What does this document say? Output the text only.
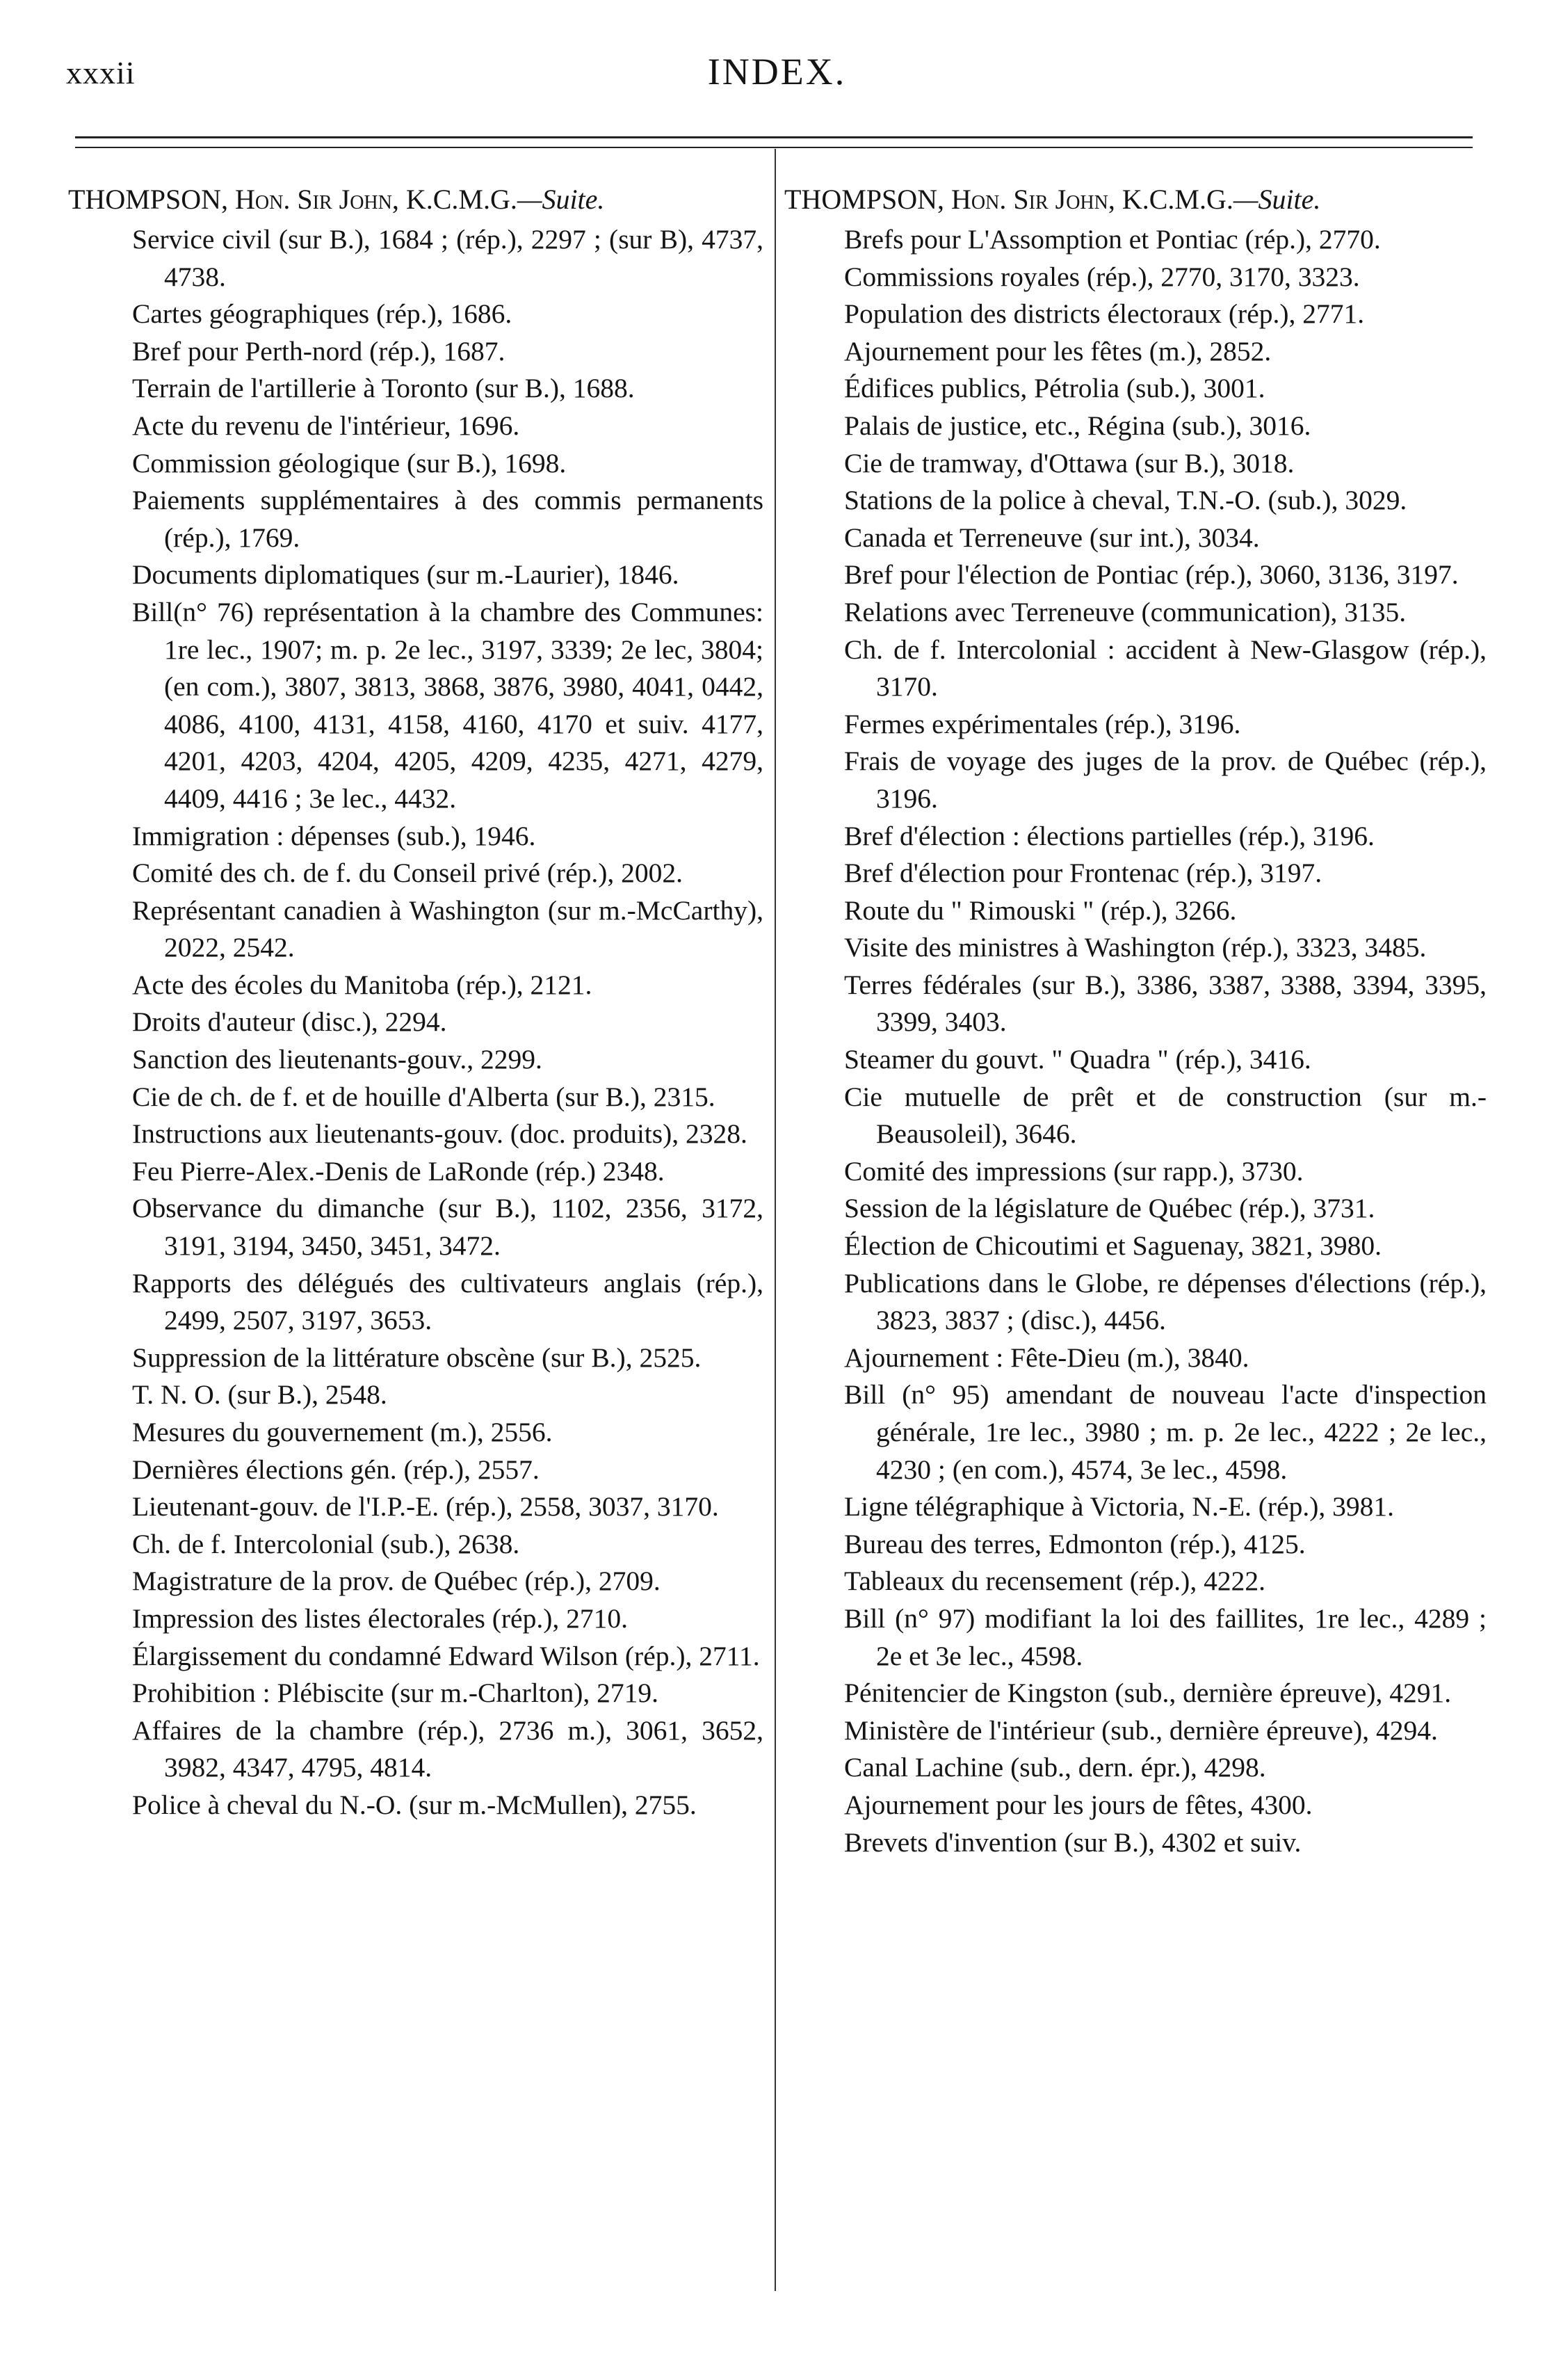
xxxii	INDEX.

THOMPSON, Hon. Sir John, K.C.M.G.—Suite.

Service civil (sur B.), 1684 ; (rép.), 2297 ; (sur B), 4737, 4738.

Cartes géographiques (rép.), 1686.

Bref pour Perth-nord (rép.), 1687.

Terrain de l'artillerie à Toronto (sur B.), 1688.

Acte du revenu de l'intérieur, 1696.

Commission géologique (sur B.), 1698.

Paiements supplémentaires à des commis permanents (rép.), 1769.

Documents diplomatiques (sur m.-Laurier), 1846.

Bill(n° 76) représentation à la chambre des Communes: 1re lec., 1907; m. p. 2e lec., 3197, 3339; 2e lec, 3804; (en com.), 3807, 3813, 3868, 3876, 3980, 4041, 0442, 4086, 4100, 4131, 4158, 4160, 4170 et suiv. 4177, 4201, 4203, 4204, 4205, 4209, 4235, 4271, 4279, 4409, 4416 ; 3e lec., 4432.

Immigration : dépenses (sub.), 1946.

Comité des ch. de f. du Conseil privé (rép.), 2002.

Représentant canadien à Washington (sur m.-McCarthy), 2022, 2542.

Acte des écoles du Manitoba (rép.), 2121.

Droits d'auteur (disc.), 2294.

Sanction des lieutenants-gouv., 2299.

Cie de ch. de f. et de houille d'Alberta (sur B.), 2315.

Instructions aux lieutenants-gouv. (doc. produits), 2328.

Feu Pierre-Alex.-Denis de LaRonde (rép.) 2348.

Observance du dimanche (sur B.), 1102, 2356, 3172, 3191, 3194, 3450, 3451, 3472.

Rapports des délégués des cultivateurs anglais (rép.), 2499, 2507, 3197, 3653.

Suppression de la littérature obscène (sur B.), 2525.

T. N. O. (sur B.), 2548.

Mesures du gouvernement (m.), 2556.

Dernières élections gén. (rép.), 2557.

Lieutenant-gouv. de l'I.P.-E. (rép.), 2558, 3037, 3170.

Ch. de f. Intercolonial (sub.), 2638.

Magistrature de la prov. de Québec (rép.), 2709.

Impression des listes électorales (rép.), 2710.

Élargissement du condamné Edward Wilson (rép.), 2711.

Prohibition : Plébiscite (sur m.-Charlton), 2719.

Affaires de la chambre (rép.), 2736 m.), 3061, 3652, 3982, 4347, 4795, 4814.

Police à cheval du N.-O. (sur m.-McMullen), 2755.

THOMPSON, Hon. Sir John, K.C.M.G.—Suite.

Brefs pour L'Assomption et Pontiac (rép.), 2770.

Commissions royales (rép.), 2770, 3170, 3323.

Population des districts électoraux (rép.), 2771.

Ajournement pour les fêtes (m.), 2852.

Édifices publics, Pétrolia (sub.), 3001.

Palais de justice, etc., Régina (sub.), 3016.

Cie de tramway, d'Ottawa (sur B.), 3018.

Stations de la police à cheval, T.N.-O. (sub.), 3029.

Canada et Terreneuve (sur int.), 3034.

Bref pour l'élection de Pontiac (rép.), 3060, 3136, 3197.

Relations avec Terreneuve (communication), 3135.

Ch. de f. Intercolonial : accident à New-Glasgow (rép.), 3170.

Fermes expérimentales (rép.), 3196.

Frais de voyage des juges de la prov. de Québec (rép.), 3196.

Bref d'élection : élections partielles (rép.), 3196.

Bref d'élection pour Frontenac (rép.), 3197.

Route du " Rimouski " (rép.), 3266.

Visite des ministres à Washington (rép.), 3323, 3485.

Terres fédérales (sur B.), 3386, 3387, 3388, 3394, 3395, 3399, 3403.

Steamer du gouvt. " Quadra " (rép.), 3416.

Cie mutuelle de prêt et de construction (sur m.-Beausoleil), 3646.

Comité des impressions (sur rapp.), 3730.

Session de la législature de Québec (rép.), 3731.

Élection de Chicoutimi et Saguenay, 3821, 3980.

Publications dans le Globe, re dépenses d'élections (rép.), 3823, 3837 ; (disc.), 4456.

Ajournement : Fête-Dieu (m.), 3840.

Bill (n° 95) amendant de nouveau l'acte d'inspection générale, 1re lec., 3980 ; m. p. 2e lec., 4222 ; 2e lec., 4230 ; (en com.), 4574, 3e lec., 4598.

Ligne télégraphique à Victoria, N.-E. (rép.), 3981.

Bureau des terres, Edmonton (rép.), 4125.

Tableaux du recensement (rép.), 4222.

Bill (n° 97) modifiant la loi des faillites, 1re lec., 4289 ; 2e et 3e lec., 4598.

Pénitencier de Kingston (sub., dernière épreuve), 4291.

Ministère de l'intérieur (sub., dernière épreuve), 4294.

Canal Lachine (sub., dern. épr.), 4298.

Ajournement pour les jours de fêtes, 4300.

Brevets d'invention (sur B.), 4302 et suiv.
